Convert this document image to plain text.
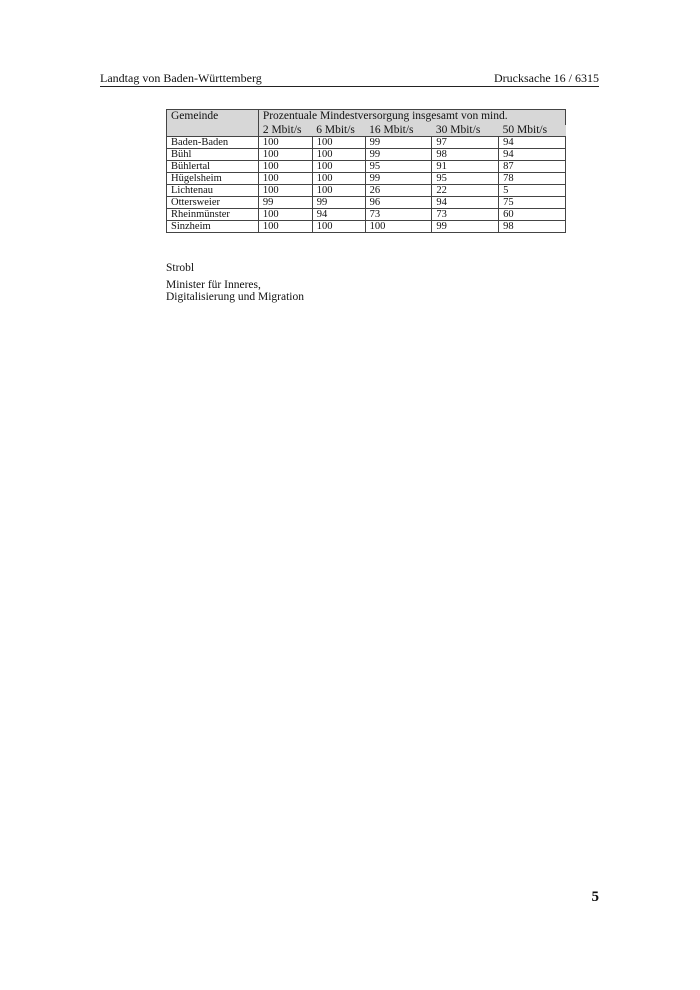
Landtag von Baden-Württemberg	Drucksache 16 / 6315
Gemeinde	Prozentuale Mindestversorgung insgesamt von mind.				
	2 Mbit/s	6 Mbit/s	16 Mbit/s	30 Mbit/s	50 Mbit/s
Baden-Baden	100	100	99	97	94
Bühl	100	100	99	98	94
Bühlertal	100	100	95	91	87
Hügelsheim	100	100	99	95	78
Lichtenau	100	100	26	22	5
Ottersweier	99	99	96	94	75
Rheinmünster	100	94	73	73	60
Sinzheim	100	100	100	99	98
Strobl
Minister für Inneres,
Digitalisierung und Migration
5
